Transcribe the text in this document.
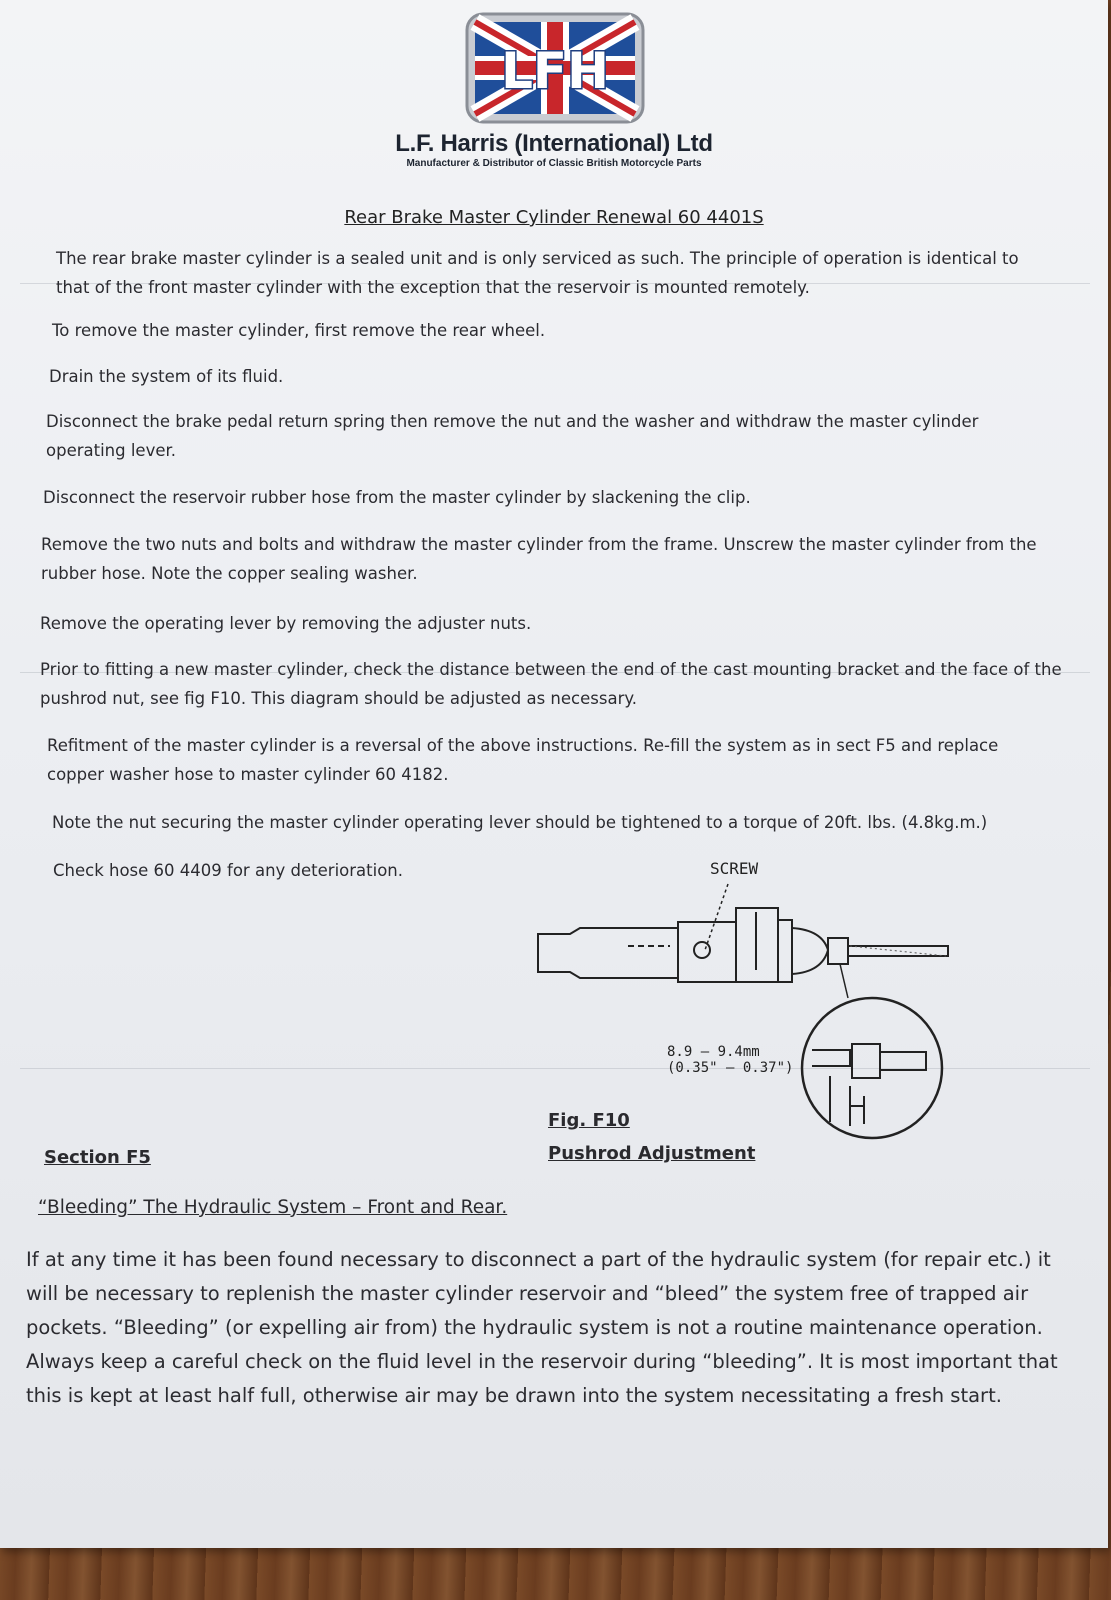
LFH
L.F. Harris (International) Ltd
Manufacturer & Distributor of Classic British Motorcycle Parts
Rear Brake Master Cylinder Renewal 60 4401S
The rear brake master cylinder is a sealed unit and is only serviced as such. The principle of operation is identical to that of the front master cylinder with the exception that the reservoir is mounted remotely.
To remove the master cylinder, first remove the rear wheel.
Drain the system of its fluid.
Disconnect the brake pedal return spring then remove the nut and the washer and withdraw the master cylinder operating lever.
Disconnect the reservoir rubber hose from the master cylinder by slackening the clip.
Remove the two nuts and bolts and withdraw the master cylinder from the frame. Unscrew the master cylinder from the rubber hose. Note the copper sealing washer.
Remove the operating lever by removing the adjuster nuts.
Prior to fitting a new master cylinder, check the distance between the end of the cast mounting bracket and the face of the pushrod nut, see fig F10. This diagram should be adjusted as necessary.
Refitment of the master cylinder is a reversal of the above instructions. Re-fill the system as in sect F5 and replace copper washer hose to master cylinder 60 4182.
Note the nut securing the master cylinder operating lever should be tightened to a torque of 20ft. lbs. (4.8kg.m.)
Check hose 60 4409 for any deterioration.	SCREW
8.9 — 9.4mm
(0.35" — 0.37")
Fig. F10
Pushrod Adjustment
Section F5
“Bleeding” The Hydraulic System – Front and Rear.
If at any time it has been found necessary to disconnect a part of the hydraulic system (for repair etc.) it will be necessary to replenish the master cylinder reservoir and “bleed” the system free of trapped air pockets. “Bleeding” (or expelling air from) the hydraulic system is not a routine maintenance operation. Always keep a careful check on the fluid level in the reservoir during “bleeding”. It is most important that this is kept at least half full, otherwise air may be drawn into the system necessitating a fresh start.
